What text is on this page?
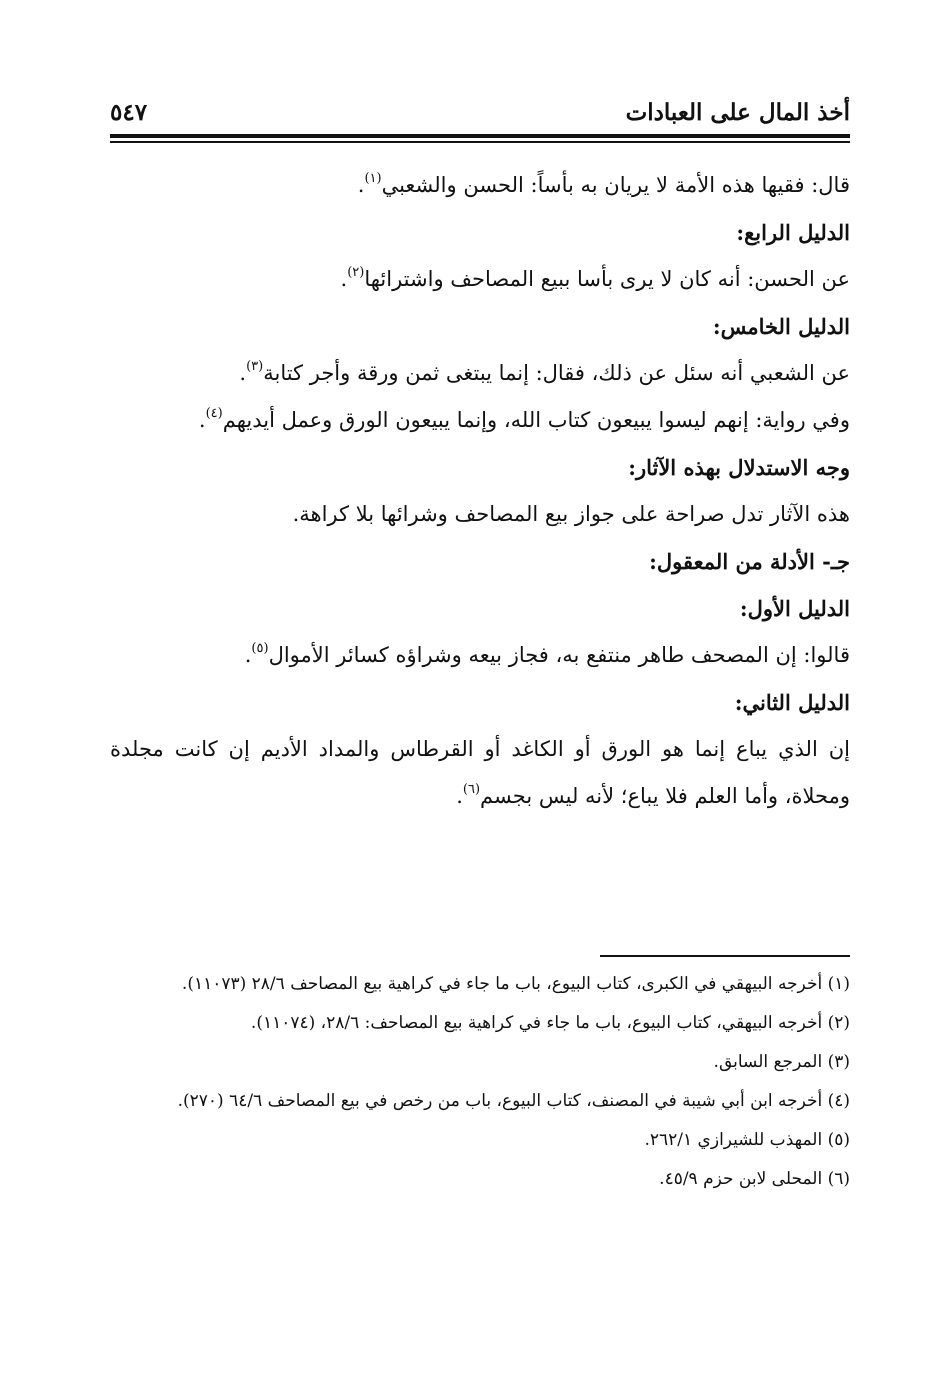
أخذ المال على العبادات
٥٤٧

قال: فقيها هذه الأمة لا يريان به بأساً: الحسن والشعبي$^{(١)}$.

الدليل الرابع:

عن الحسن: أنه كان لا يرى بأسا ببيع المصاحف واشترائها$^{(٢)}$.

الدليل الخامس:

عن الشعبي أنه سئل عن ذلك، فقال: إنما يبتغى ثمن ورقة وأجر كتابة$^{(٣)}$.

وفي رواية: إنهم ليسوا يبيعون كتاب الله، وإنما يبيعون الورق وعمل أيديهم$^{(٤)}$.

وجه الاستدلال بهذه الآثار:

هذه الآثار تدل صراحة على جواز بيع المصاحف وشرائها بلا كراهة.

جـ- الأدلة من المعقول:

الدليل الأول:

قالوا: إن المصحف طاهر منتفع به، فجاز بيعه وشراؤه كسائر الأموال$^{(٥)}$.

الدليل الثاني:

إن الذي يباع إنما هو الورق أو الكاغد أو القرطاس والمداد الأديم إن كانت مجلدة ومحلاة، وأما العلم فلا يباع؛ لأنه ليس بجسم$^{(٦)}$.

(١) أخرجه البيهقي في الكبرى، كتاب البيوع، باب ما جاء في كراهية بيع المصاحف ٢٨/٦ (١١٠٧٣).

(٢) أخرجه البيهقي، كتاب البيوع، باب ما جاء في كراهية بيع المصاحف: ٢٨/٦، (١١٠٧٤).

(٣) المرجع السابق.

(٤) أخرجه ابن أبي شيبة في المصنف، كتاب البيوع، باب من رخص في بيع المصاحف ٦٤/٦ (٢٧٠).

(٥) المهذب للشيرازي ٢٦٢/١.

(٦) المحلى لابن حزم ٤٥/٩.
